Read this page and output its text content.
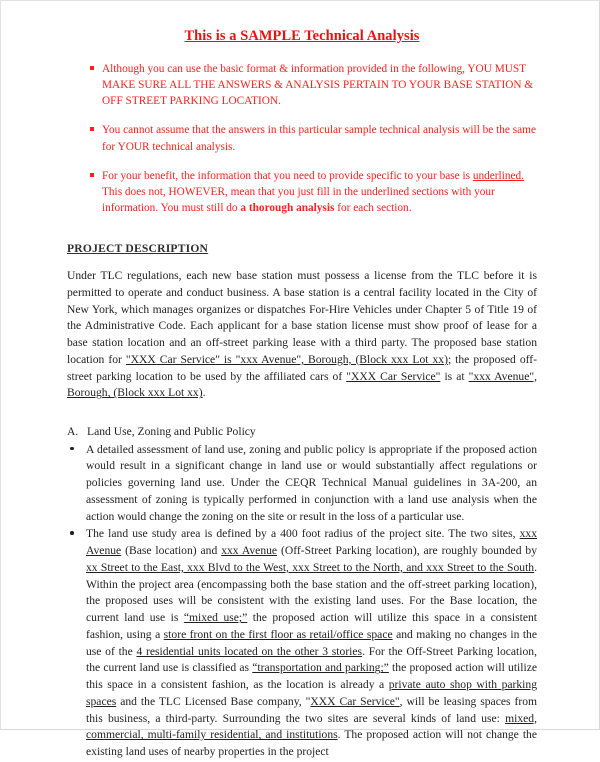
This is a SAMPLE Technical Analysis
Although you can use the basic format & information provided in the following, YOU MUST MAKE SURE ALL THE ANSWERS & ANALYSIS PERTAIN TO YOUR BASE STATION & OFF STREET PARKING LOCATION.
You cannot assume that the answers in this particular sample technical analysis will be the same for YOUR technical analysis.
For your benefit, the information that you need to provide specific to your base is underlined. This does not, HOWEVER, mean that you just fill in the underlined sections with your information. You must still do a thorough analysis for each section.
PROJECT DESCRIPTION

Under TLC regulations, each new base station must possess a license from the TLC before it is permitted to operate and conduct business. A base station is a central facility located in the City of New York, which manages organizes or dispatches For-Hire Vehicles under Chapter 5 of Title 19 of the Administrative Code. Each applicant for a base station license must show proof of lease for a base station location and an off-street parking lease with a third party. The proposed base station location for "XXX Car Service" is "xxx Avenue", Borough, (Block xxx Lot xx); the proposed off-street parking location to be used by the affiliated cars of "XXX Car Service" is at "xxx Avenue", Borough, (Block xxx Lot xx).

A. Land Use, Zoning and Public Policy
A detailed assessment of land use, zoning and public policy is appropriate if the proposed action would result in a significant change in land use or would substantially affect regulations or policies governing land use. Under the CEQR Technical Manual guidelines in 3A-200, an assessment of zoning is typically performed in conjunction with a land use analysis when the action would change the zoning on the site or result in the loss of a particular use.
The land use study area is defined by a 400 foot radius of the project site. The two sites, xxx Avenue (Base location) and xxx Avenue (Off-Street Parking location), are roughly bounded by xx Street to the East, xxx Blvd to the West, xxx Street to the North, and xxx Street to the South. Within the project area (encompassing both the base station and the off-street parking location), the proposed uses will be consistent with the existing land uses. For the Base location, the current land use is “mixed use;” the proposed action will utilize this space in a consistent fashion, using a store front on the first floor as retail/office space and making no changes in the use of the 4 residential units located on the other 3 stories. For the Off-Street Parking location, the current land use is classified as “transportation and parking;” the proposed action will utilize this space in a consistent fashion, as the location is already a private auto shop with parking spaces and the TLC Licensed Base company, "XXX Car Service", will be leasing spaces from this business, a third-party. Surrounding the two sites are several kinds of land use: mixed, commercial, multi-family residential, and institutions. The proposed action will not change the existing land uses of nearby properties in the project
